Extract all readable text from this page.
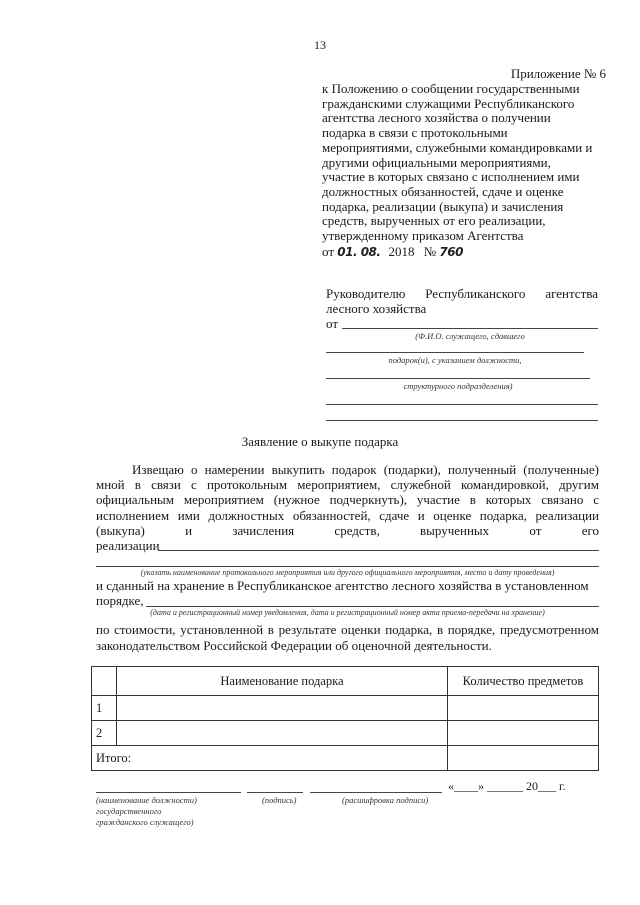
13
Приложение № 6
к Положению о сообщении государственными
гражданскими служащими Республиканского
агентства лесного хозяйства о получении
подарка в связи с протокольными
мероприятиями, служебными командировками и
другими официальными мероприятиями,
участие в которых связано с исполнением ими
должностных обязанностей, сдаче и оценке
подарка, реализации (выкупа) и зачисления
средств, вырученных от его реализации,
утвержденному приказом Агентства
от 01. 08. 2018 № 760
Руководителю Республиканского агентства
лесного хозяйства
от
(Ф.И.О. служащего, сдавшего
подарок(и), с указанием должности,
структурного подразделения)
Заявление о выкупе подарка
Извещаю о намерении выкупить подарок (подарки), полученный (полученные)
мной в связи с протокольным мероприятием, служебной командировкой, другим
официальным мероприятием (нужное подчеркнуть), участие в которых связано с
исполнением ими должностных обязанностей, сдаче и оценке подарка, реализации
(выкупа)	и	зачисления	средств,	вырученных	от	его
реализации
(указать наименование протокольного мероприятия или другого официального мероприятия, место и дату проведения)
и сданный на хранение в Республиканское агентство лесного хозяйства в установленном
порядке,
(дата и регистрационный номер уведомления, дата и регистрационный номер акта приема-передачи на хранение)
по стоимости, установленной в результате оценки подарка, в порядке, предусмотренном
законодательством Российской Федерации об оценочной деятельности.
	Наименование подарка	Количество предметов
1		
2		
Итого:		
«____» ______ 20___ г.
(наименование должности)
государственного
гражданского служащего)
(подпись)	(расшифровка подписи)
